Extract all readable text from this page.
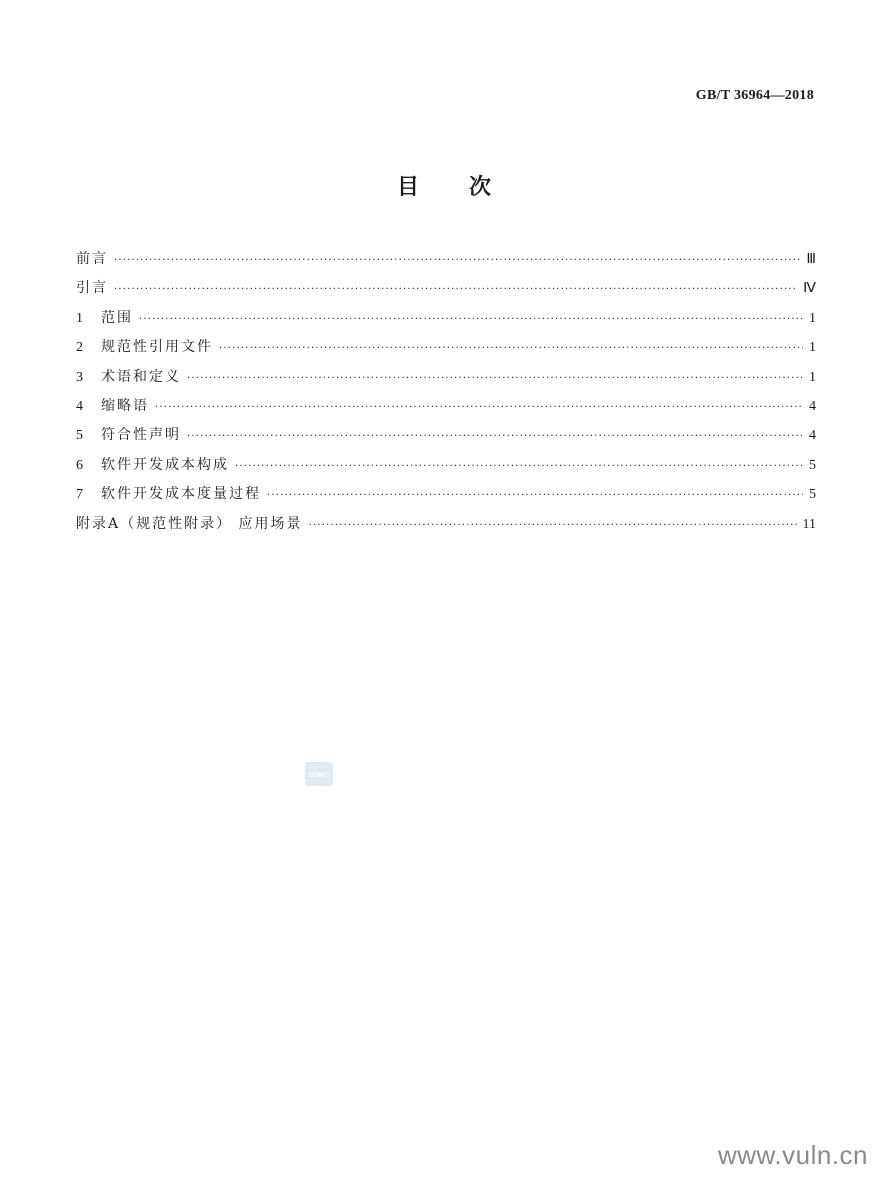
GB/T 36964—2018
目次
前言 ·····	Ⅲ
引言 ·····	Ⅳ
1	范围 ·····	1
2	规范性引用文件 ·····	1
3	术语和定义 ·····	1
4	缩略语 ·····	4
5	符合性声明 ·····	4
6	软件开发成本构成 ·····	5
7	软件开发成本度量过程 ·····	5
附录A（规范性附录） 应用场景 ·····	11
SDMC
www.vuln.cn
